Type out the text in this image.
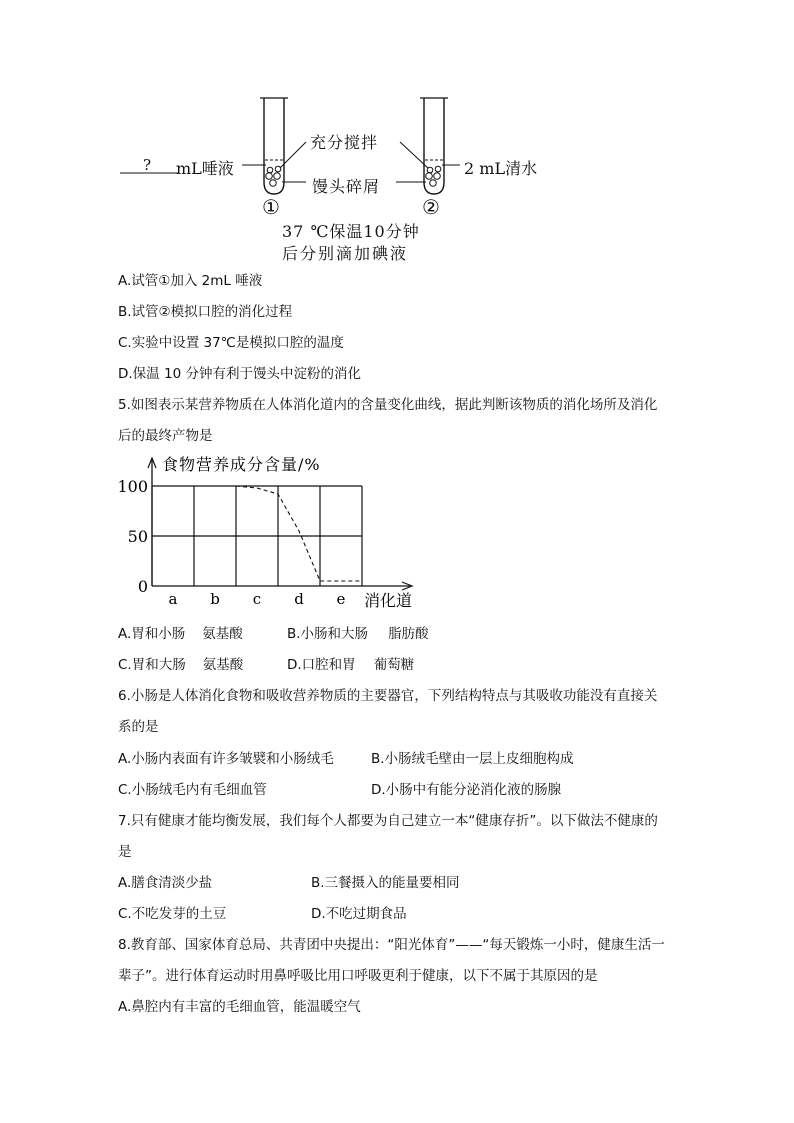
? mL唾液
充分搅拌
2 mL清水
馒头碎屑
①	②
37 ℃保温10分钟
后分别滴加碘液
A.试管①加入 2mL 唾液
B.试管②模拟口腔的消化过程
C.实验中设置 37℃是模拟口腔的温度
D.保温 10 分钟有利于馒头中淀粉的消化
5.如图表示某营养物质在人体消化道内的含量变化曲线，据此判断该物质的消化场所及消化
后的最终产物是
100
50
0
a b c d e
食物营养成分含量/%
消化道
A.胃和小肠 氨基酸	B.小肠和大肠 脂肪酸
C.胃和大肠 氨基酸	D.口腔和胃 葡萄糖
6.小肠是人体消化食物和吸收营养物质的主要器官，下列结构特点与其吸收功能没有直接关
系的是
A.小肠内表面有许多皱襞和小肠绒毛	B.小肠绒毛壁由一层上皮细胞构成
C.小肠绒毛内有毛细血管	D.小肠中有能分泌消化液的肠腺
7.只有健康才能均衡发展，我们每个人都要为自己建立一本“健康存折”。以下做法不健康的
是
A.膳食清淡少盐	B.三餐摄入的能量要相同
C.不吃发芽的土豆	D.不吃过期食品
8.教育部、国家体育总局、共青团中央提出：“阳光体育”——“每天锻炼一小时，健康生活一
辈子”。进行体育运动时用鼻呼吸比用口呼吸更利于健康，以下不属于其原因的是
A.鼻腔内有丰富的毛细血管，能温暖空气
